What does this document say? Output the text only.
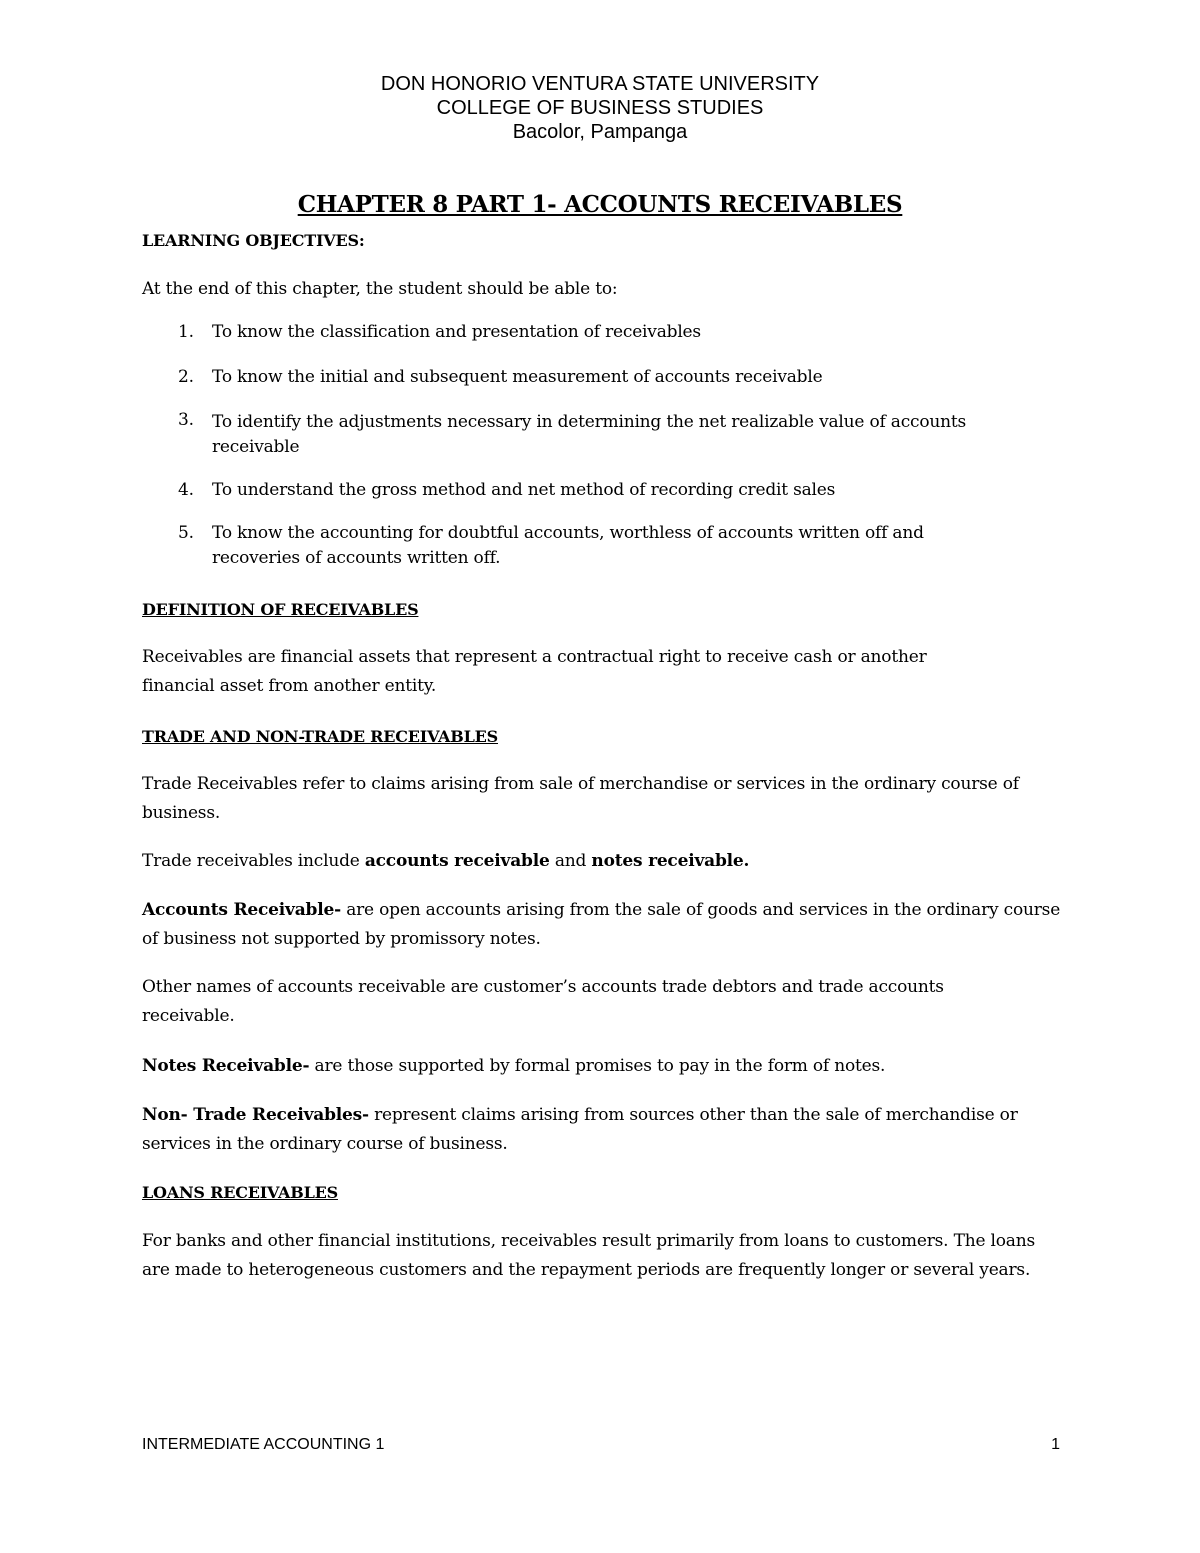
DON HONORIO VENTURA STATE UNIVERSITY
COLLEGE OF BUSINESS STUDIES
Bacolor, Pampanga
CHAPTER 8 PART 1- ACCOUNTS RECEIVABLES
LEARNING OBJECTIVES:
At the end of this chapter, the student should be able to:
1. To know the classification and presentation of receivables
2. To know the initial and subsequent measurement of accounts receivable
3. To identify the adjustments necessary in determining the net realizable value of accounts receivable
4. To understand the gross method and net method of recording credit sales
5. To know the accounting for doubtful accounts, worthless of accounts written off and recoveries of accounts written off.
DEFINITION OF RECEIVABLES
Receivables are financial assets that represent a contractual right to receive cash or another financial asset from another entity.
TRADE AND NON-TRADE RECEIVABLES
Trade Receivables refer to claims arising from sale of merchandise or services in the ordinary course of business.
Trade receivables include accounts receivable and notes receivable.
Accounts Receivable- are open accounts arising from the sale of goods and services in the ordinary course of business not supported by promissory notes.
Other names of accounts receivable are customer’s accounts trade debtors and trade accounts receivable.
Notes Receivable- are those supported by formal promises to pay in the form of notes.
Non- Trade Receivables- represent claims arising from sources other than the sale of merchandise or services in the ordinary course of business.
LOANS RECEIVABLES
For banks and other financial institutions, receivables result primarily from loans to customers. The loans are made to heterogeneous customers and the repayment periods are frequently longer or several years.
INTERMEDIATE ACCOUNTING 1	1
